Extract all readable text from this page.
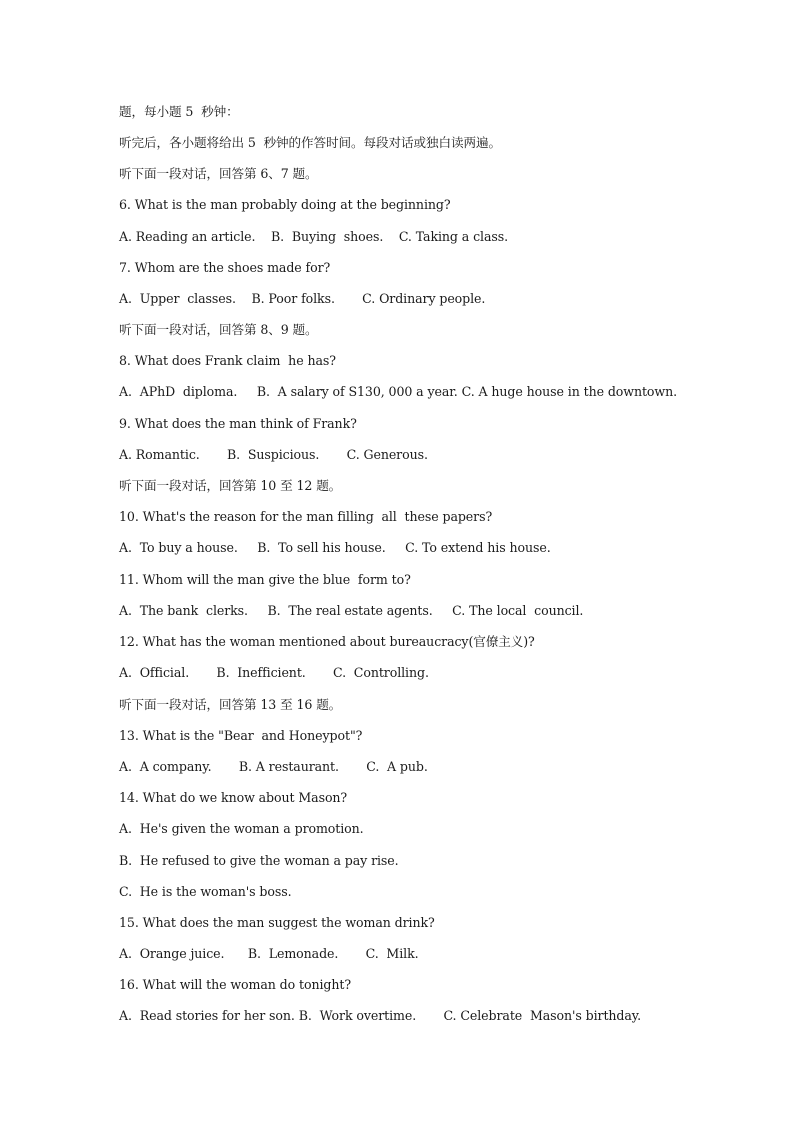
题，每小题 5  秒钟：
听完后，各小题将给出 5  秒钟的作答时间。每段对话或独白读两遍。
听下面一段对话，回答第 6、7 题。
6. What is the man probably doing at the beginning?
A. Reading an article.    B.  Buying  shoes.    C. Taking a class.
7. Whom are the shoes made for?
A.  Upper  classes.    B. Poor folks.       C. Ordinary people.
听下面一段对话，回答第 8、9 题。
8. What does Frank claim  he has?
A.  APhD  diploma.     B.  A salary of S130, 000 a year. C. A huge house in the downtown.
9. What does the man think of Frank?
A. Romantic.       B.  Suspicious.       C. Generous.
听下面一段对话，回答第 10 至 12 题。
10. What's the reason for the man filling  all  these papers?
A.  To buy a house.     B.  To sell his house.     C. To extend his house.
11. Whom will the man give the blue  form to?
A.  The bank  clerks.     B.  The real estate agents.     C. The local  council.
12. What has the woman mentioned about bureaucracy(官僚主义)?
A.  Official.       B.  Inefficient.       C.  Controlling.
听下面一段对话，回答第 13 至 16 题。
13. What is the "Bear  and Honeypot"?
A.  A company.       B. A restaurant.       C.  A pub.
14. What do we know about Mason?
A.  He's given the woman a promotion.
B.  He refused to give the woman a pay rise.
C.  He is the woman's boss.
15. What does the man suggest the woman drink?
A.  Orange juice.      B.  Lemonade.       C.  Milk.
16. What will the woman do tonight?
A.  Read stories for her son. B.  Work overtime.       C. Celebrate  Mason's birthday.
